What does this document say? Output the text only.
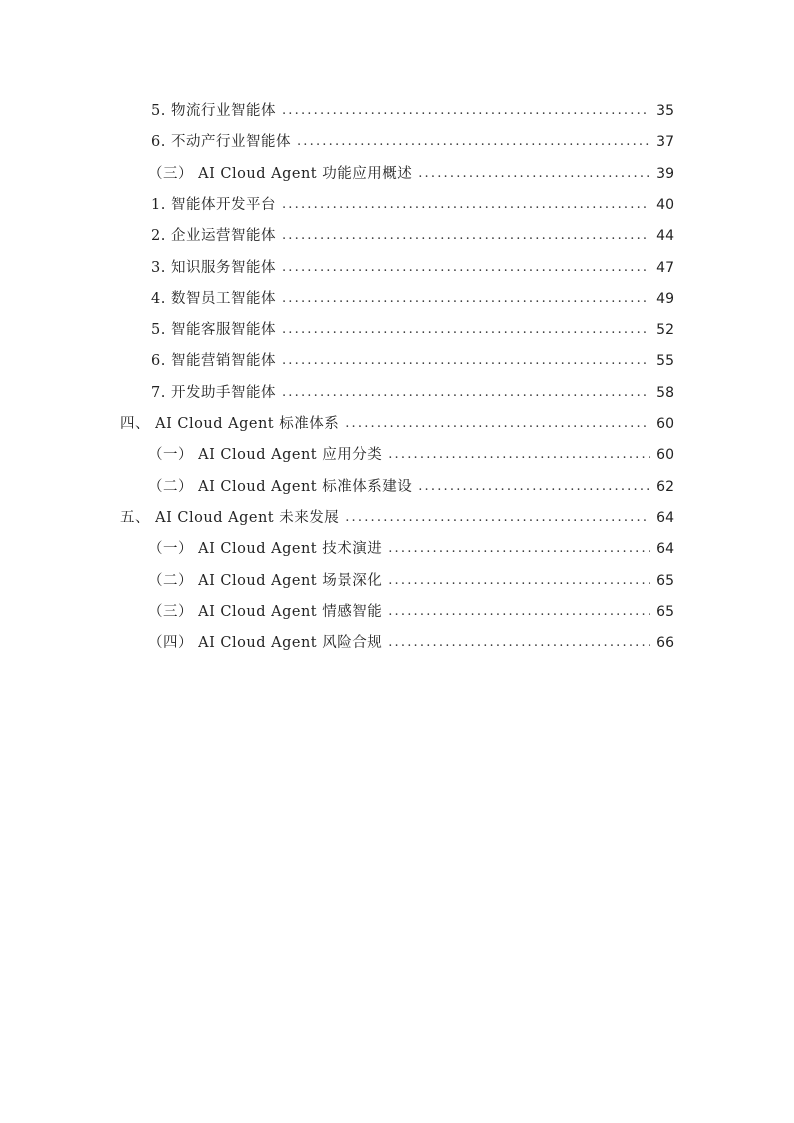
5. 物流行业智能体 .....	35
6. 不动产行业智能体 .....	37
（三） AI Cloud Agent 功能应用概述 .....	39
1. 智能体开发平台 .....	40
2. 企业运营智能体 .....	44
3. 知识服务智能体 .....	47
4. 数智员工智能体 .....	49
5. 智能客服智能体 .....	52
6. 智能营销智能体 .....	55
7. 开发助手智能体 .....	58
四、 AI Cloud Agent 标准体系 .....	60
（一） AI Cloud Agent 应用分类 .....	60
（二） AI Cloud Agent 标准体系建设 .....	62
五、 AI Cloud Agent 未来发展 .....	64
（一） AI Cloud Agent 技术演进 .....	64
（二） AI Cloud Agent 场景深化 .....	65
（三） AI Cloud Agent 情感智能 .....	65
（四） AI Cloud Agent 风险合规 .....	66
